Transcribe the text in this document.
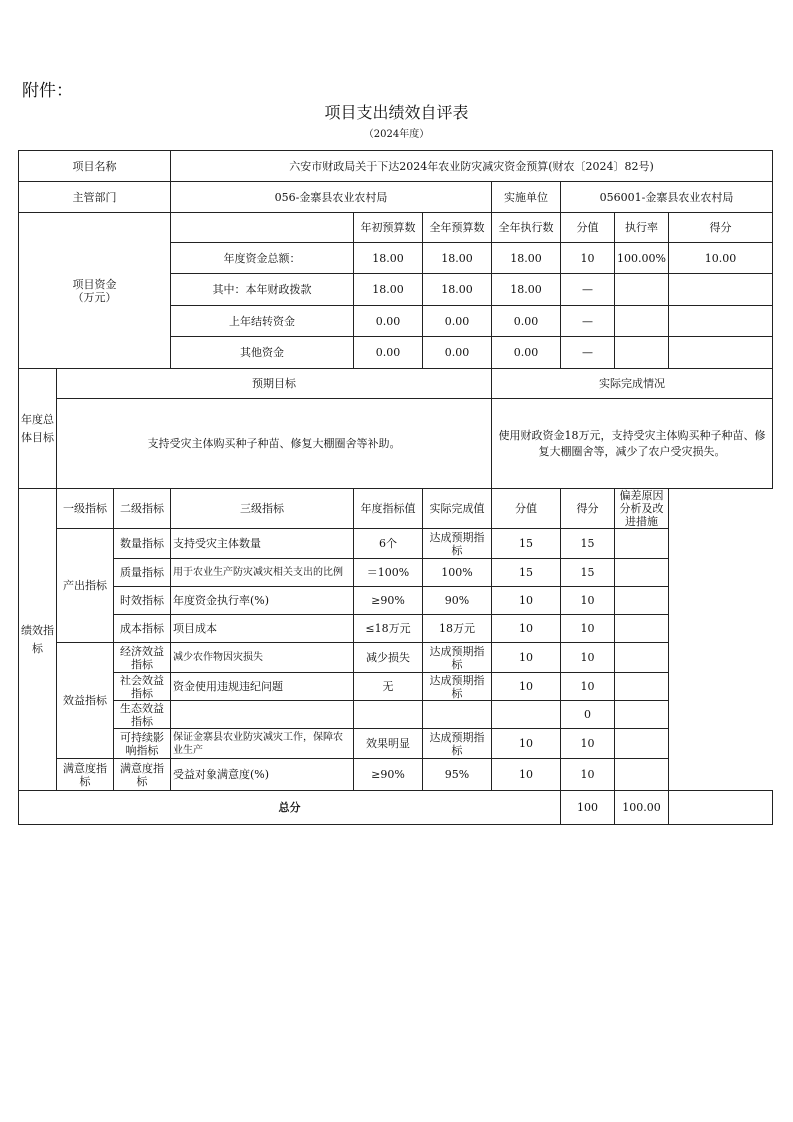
附件：
项目支出绩效自评表
（2024年度）
项目名称			六安市财政局关于下达2024年农业防灾减灾资金预算(财农〔2024〕82号)						
主管部门			056-金寨县农业农村局			实施单位	056001-金寨县农业农村局		
项目资金
（万元）				年初预算数	全年预算数	全年执行数	分值	执行率	得分
			年度资金总额：	18.00	18.00	18.00	10	100.00%	10.00
			其中：本年财政拨款	18.00	18.00	18.00	—		
			上年结转资金	0.00	0.00	0.00	—		
			其他资金	0.00	0.00	0.00	—		
年度总体目标	预期目标					实际完成情况			
	支持受灾主体购买种子种苗、修复大棚圈舍等补助。					使用财政资金18万元，支持受灾主体购买种子种苗、修复大棚圈舍等，减少了农户受灾损失。			
绩效指标	一级指标	二级指标	三级指标	年度指标值	实际完成值	分值	得分	偏差原因分析及改进措施	
	产出指标	数量指标	支持受灾主体数量	6个	达成预期指标	15	15		
		质量指标	用于农业生产防灾减灾相关支出的比例	＝100%	100%	15	15		
		时效指标	年度资金执行率(%)	≥90%	90%	10	10		
		成本指标	项目成本	≤18万元	18万元	10	10		
	效益指标	经济效益指标	减少农作物因灾损失	减少损失	达成预期指标	10	10		
		社会效益指标	资金使用违规违纪问题	无	达成预期指标	10	10		
		生态效益指标					0		
		可持续影响指标	保证金寨县农业防灾减灾工作，保障农业生产	效果明显	达成预期指标	10	10		
	满意度指标	满意度指标	受益对象满意度(%)	≥90%	95%	10	10		
总分							100	100.00	
